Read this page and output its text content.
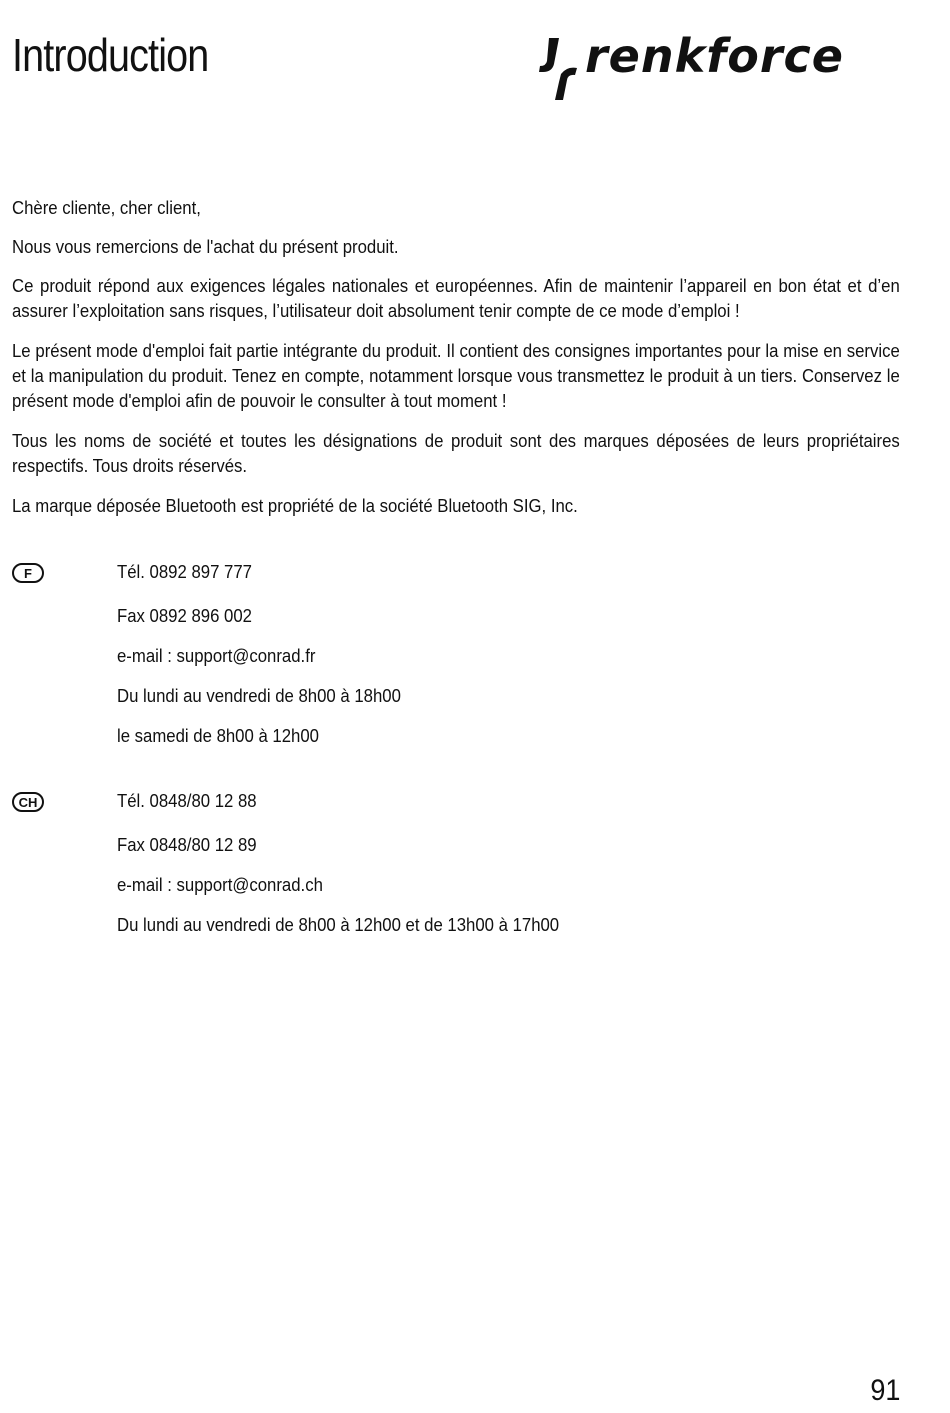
Introduction	renkforce

Chère cliente, cher client,

Nous vous remercions de l'achat du présent produit.

Ce produit répond aux exigences légales nationales et européennes. Afin de maintenir l’appareil en bon état et d’en assurer l’exploitation sans risques, l’utilisateur doit absolument tenir compte de ce mode d’emploi !

Le présent mode d'emploi fait partie intégrante du produit. Il contient des consignes importantes pour la mise en service et la manipulation du produit. Tenez en compte, notamment lorsque vous transmettez le produit à un tiers. Conservez le présent mode d'emploi afin de pouvoir le consulter à tout moment !

Tous les noms de société et toutes les désignations de produit sont des marques déposées de leurs propriétaires respectifs. Tous droits réservés.

La marque déposée Bluetooth est propriété de la société Bluetooth SIG, Inc.

F	Tél. 0892 897 777
Fax 0892 896 002
e-mail : support@conrad.fr
Du lundi au vendredi de 8h00 à 18h00
le samedi de 8h00 à 12h00
CH	Tél. 0848/80 12 88
Fax 0848/80 12 89
e-mail : support@conrad.ch
Du lundi au vendredi de 8h00 à 12h00 et de 13h00 à 17h00
91
